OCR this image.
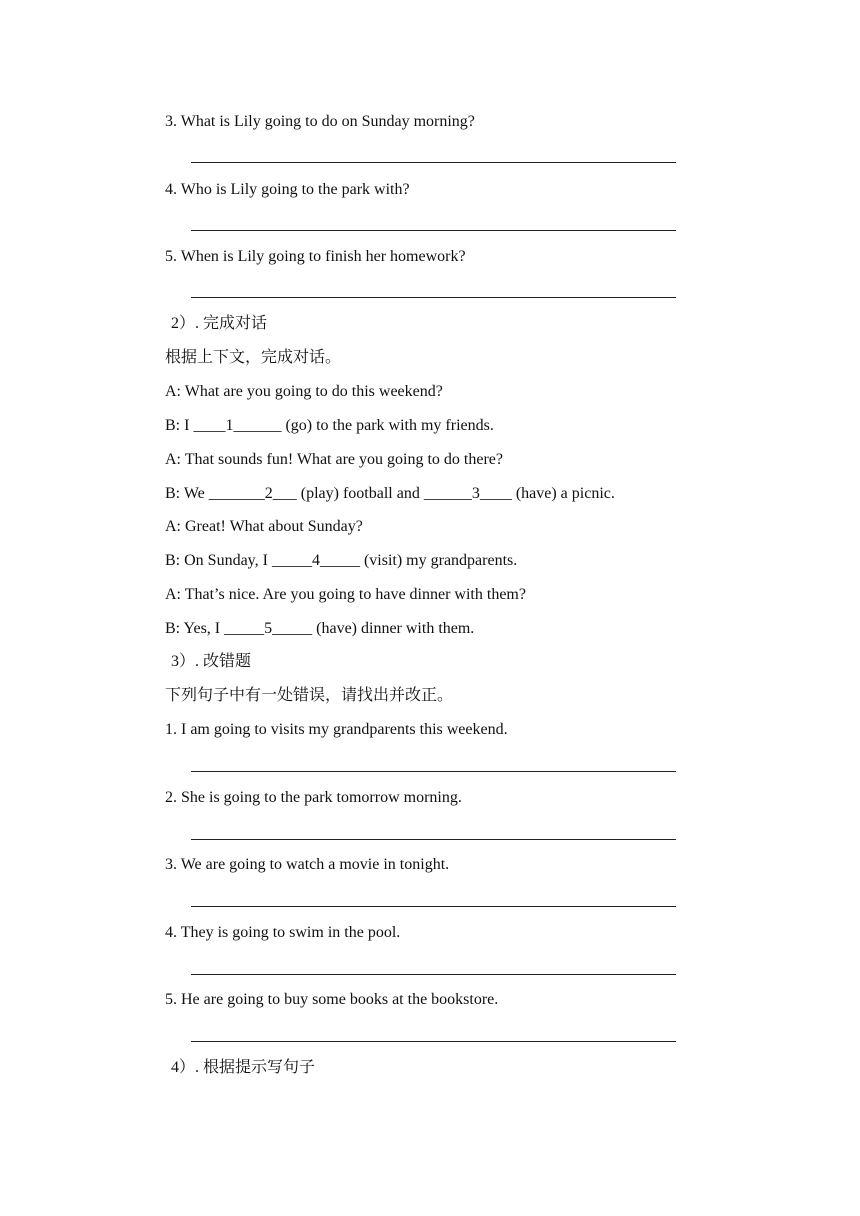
3. What is Lily going to do on Sunday morning?
4. Who is Lily going to the park with?
5. When is Lily going to finish her homework?
2）. 完成对话
根据上下文，完成对话。
A: What are you going to do this weekend?
B: I ____1______ (go) to the park with my friends.
A: That sounds fun! What are you going to do there?
B: We _______2___ (play) football and ______3____ (have) a picnic.
A: Great! What about Sunday?
B: On Sunday, I _____4_____ (visit) my grandparents.
A: That’s nice. Are you going to have dinner with them?
B: Yes, I _____5_____ (have) dinner with them.
3）. 改错题
下列句子中有一处错误，请找出并改正。
1. I am going to visits my grandparents this weekend.
2. She is going to the park tomorrow morning.
3. We are going to watch a movie in tonight.
4. They is going to swim in the pool.
5. He are going to buy some books at the bookstore.
4）. 根据提示写句子
